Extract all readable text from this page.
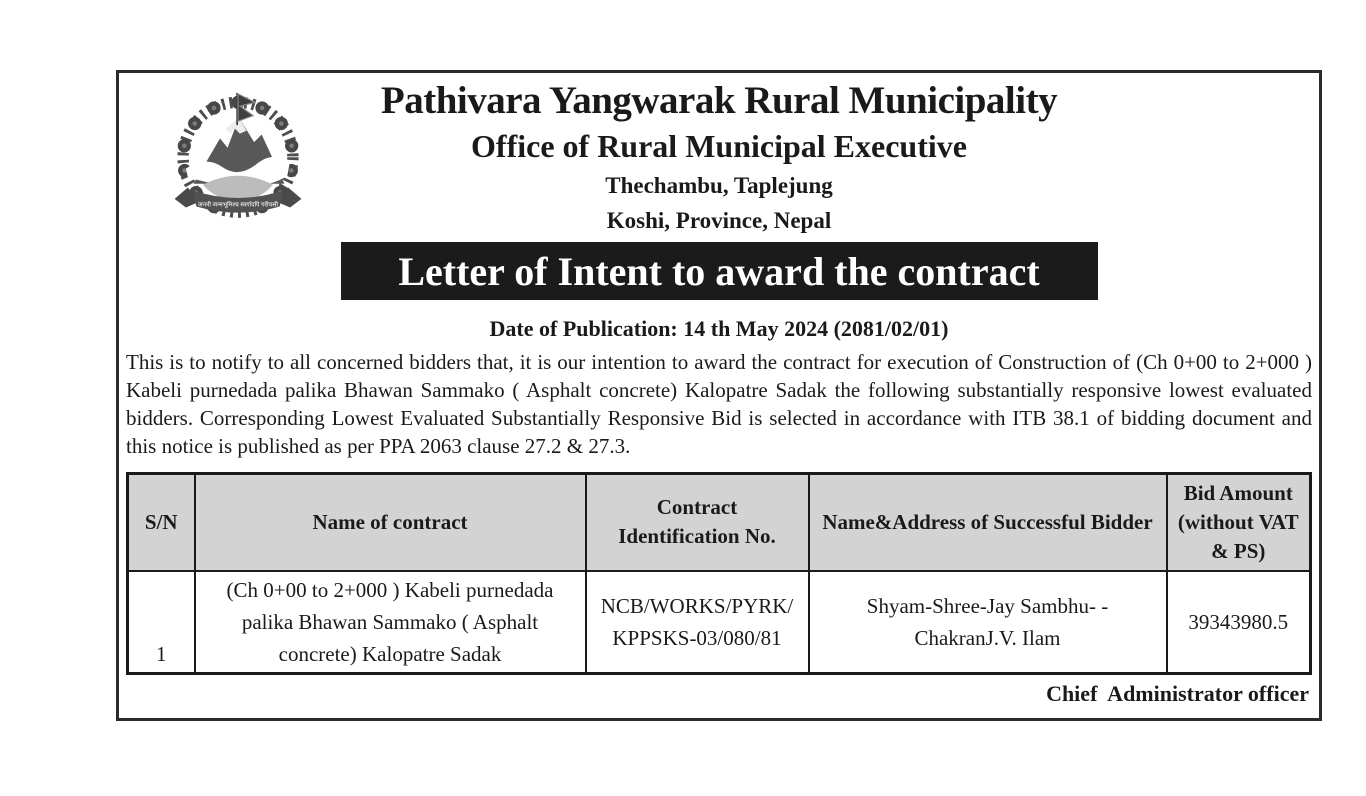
जननी जन्मभूमिश्च स्वर्गादपि गरीयसी
Pathivara Yangwarak Rural Municipality
Office of Rural Municipal Executive
Thechambu, Taplejung
Koshi, Province, Nepal
Letter of Intent to award the contract
Date of Publication: 14 th May 2024 (2081/02/01)

This is to notify to all concerned bidders that, it is our intention to award the contract for execution of Construction of (Ch 0+00 to 2+000 ) Kabeli purnedada palika Bhawan Sammako ( Asphalt concrete) Kalopatre Sadak the following substantially responsive lowest evaluated bidders. Corresponding Lowest Evaluated Substantially Responsive Bid is selected in accordance with ITB 38.1 of bidding document and this notice is published as per PPA 2063 clause 27.2 & 27.3.

S/N	Name of contract	Contract Identification No.	Name&Address of Successful Bidder	Bid Amount (without VAT & PS)
1	(Ch 0+00 to 2+000 ) Kabeli purnedada palika Bhawan Sammako ( Asphalt concrete) Kalopatre Sadak	NCB/WORKS/PYRK/ KPPSKS-03/080/81	Shyam-Shree-Jay Sambhu- - ChakranJ.V. Ilam	39343980.5
Chief  Administrator officer
